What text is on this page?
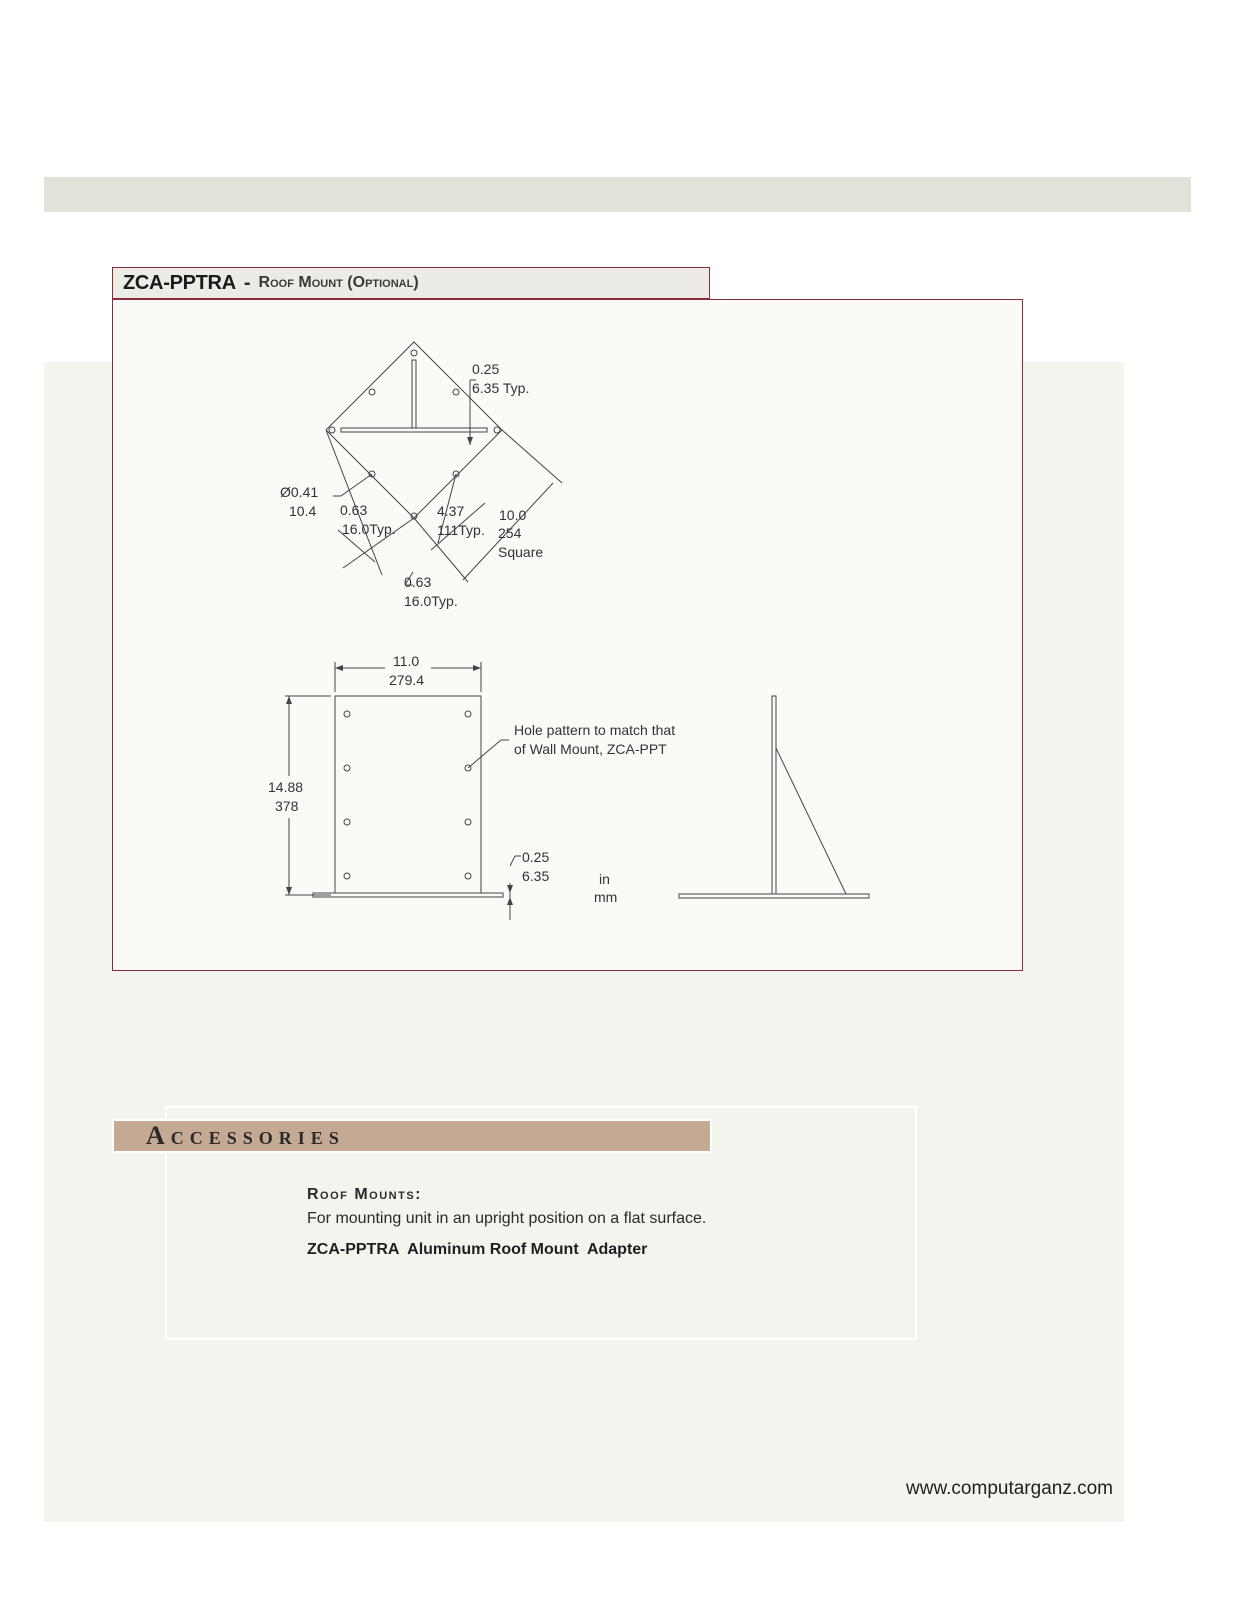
ZCA-PPTRA - Roof Mount (Optional)
0.25
6.35 Typ.
Ø0.41
10.4 0.63
16.0Typ.
4.37
111Typ.
10.0
254
Square
0.63
16.0Typ.
11.0
279.4
14.88
378
0.25
6.35
Hole pattern to match that
of Wall Mount, ZCA-PPT
in
mm
ACCESSORIES
Roof Mounts:
For mounting unit in an upright position on a flat surface.
ZCA-PPTRA  Aluminum Roof Mount  Adapter
www.computarganz.com
